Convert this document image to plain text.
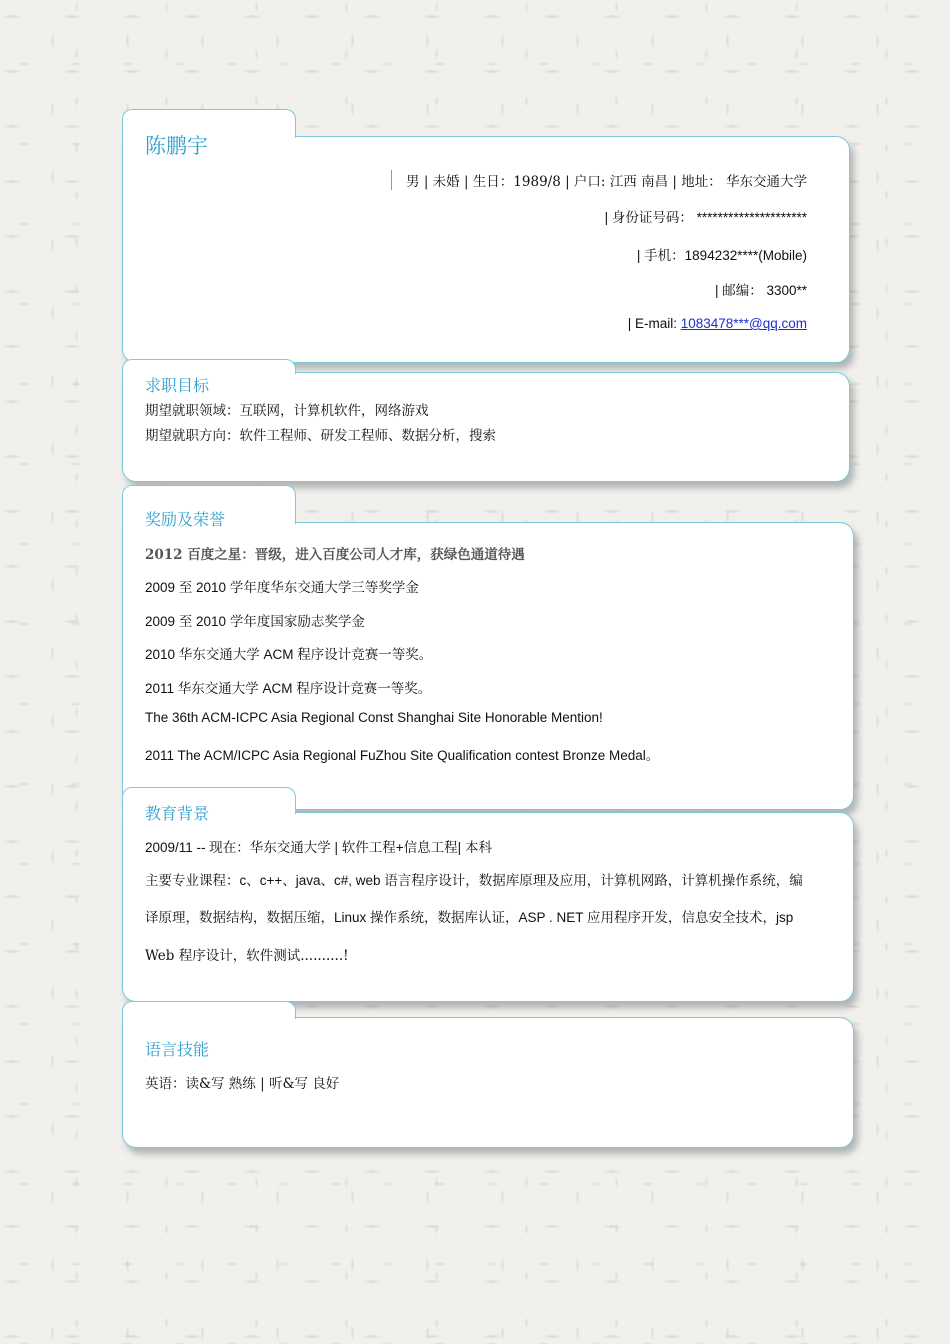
陈鹏宇
男 | 未婚 | 生日：1989/8 | 户口: 江西 南昌 | 地址： 华东交通大学
| 身份证号码： *********************
| 手机：1894232****(Mobile)
| 邮编： 3300**
| E-mail: 1083478***@qq.com
求职目标
期望就职领域：互联网，计算机软件，网络游戏
期望就职方向：软件工程师、研发工程师、数据分析，搜索
奖励及荣誉
2012 百度之星：晋级，进入百度公司人才库，获绿色通道待遇
2009 至 2010 学年度华东交通大学三等奖学金
2009 至 2010 学年度国家励志奖学金
2010 华东交通大学 ACM 程序设计竞赛一等奖。
2011 华东交通大学 ACM 程序设计竞赛一等奖。
The 36th ACM-ICPC Asia Regional Const Shanghai Site Honorable Mention!
2011 The ACM/ICPC Asia Regional FuZhou Site Qualification contest Bronze Medal。
教育背景
2009/11 -- 现在：华东交通大学 | 软件工程+信息工程| 本科
主要专业课程：c、c++、java、c#, web 语言程序设计，数据库原理及应用，计算机网路，计算机操作系统，编
译原理，数据结构，数据压缩，Linux 操作系统，数据库认证，ASP . NET 应用程序开发，信息安全技术，jsp
Web 程序设计，软件测试..........!
语言技能
英语：读&写 熟练 | 听&写 良好
